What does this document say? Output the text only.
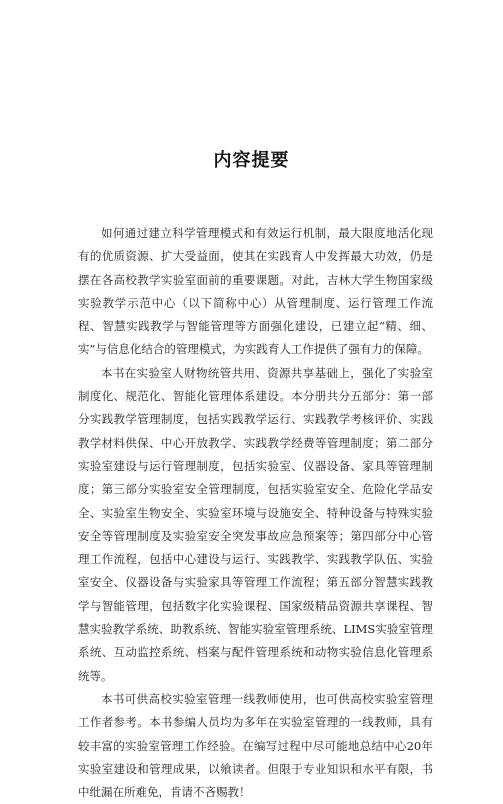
内容提要

如何通过建立科学管理模式和有效运行机制，最大限度地活化现有的优质资源、扩大受益面，使其在实践育人中发挥最大功效，仍是摆在各高校教学实验室面前的重要课题。对此，吉林大学生物国家级实验教学示范中心（以下简称中心）从管理制度、运行管理工作流程、智慧实践教学与智能管理等方面强化建设，已建立起“精、细、实”与信息化结合的管理模式，为实践育人工作提供了强有力的保障。

本书在实验室人财物统管共用、资源共享基础上，强化了实验室制度化、规范化、智能化管理体系建设。本分册共分五部分：第一部分实践教学管理制度，包括实践教学运行、实践教学考核评价、实践教学材料供保、中心开放教学、实践教学经费等管理制度；第二部分实验室建设与运行管理制度，包括实验室、仪器设备、家具等管理制度；第三部分实验室安全管理制度，包括实验室安全、危险化学品安全、实验室生物安全、实验室环境与设施安全、特种设备与特殊实验安全等管理制度及实验室安全突发事故应急预案等；第四部分中心管理工作流程，包括中心建设与运行、实践教学、实践教学队伍、实验室安全、仪器设备与实验家具等管理工作流程；第五部分智慧实践教学与智能管理，包括数字化实验课程、国家级精品资源共享课程、智慧实验教学系统、助教系统、智能实验室管理系统、LIMS实验室管理系统、互动监控系统、档案与配件管理系统和动物实验信息化管理系统等。

本书可供高校实验室管理一线教师使用，也可供高校实验室管理工作者参考。本书参编人员均为多年在实验室管理的一线教师，具有较丰富的实验室管理工作经验。在编写过程中尽可能地总结中心20年实验室建设和管理成果，以飨读者。但限于专业知识和水平有限，书中纰漏在所难免，肯请不吝赐教！
